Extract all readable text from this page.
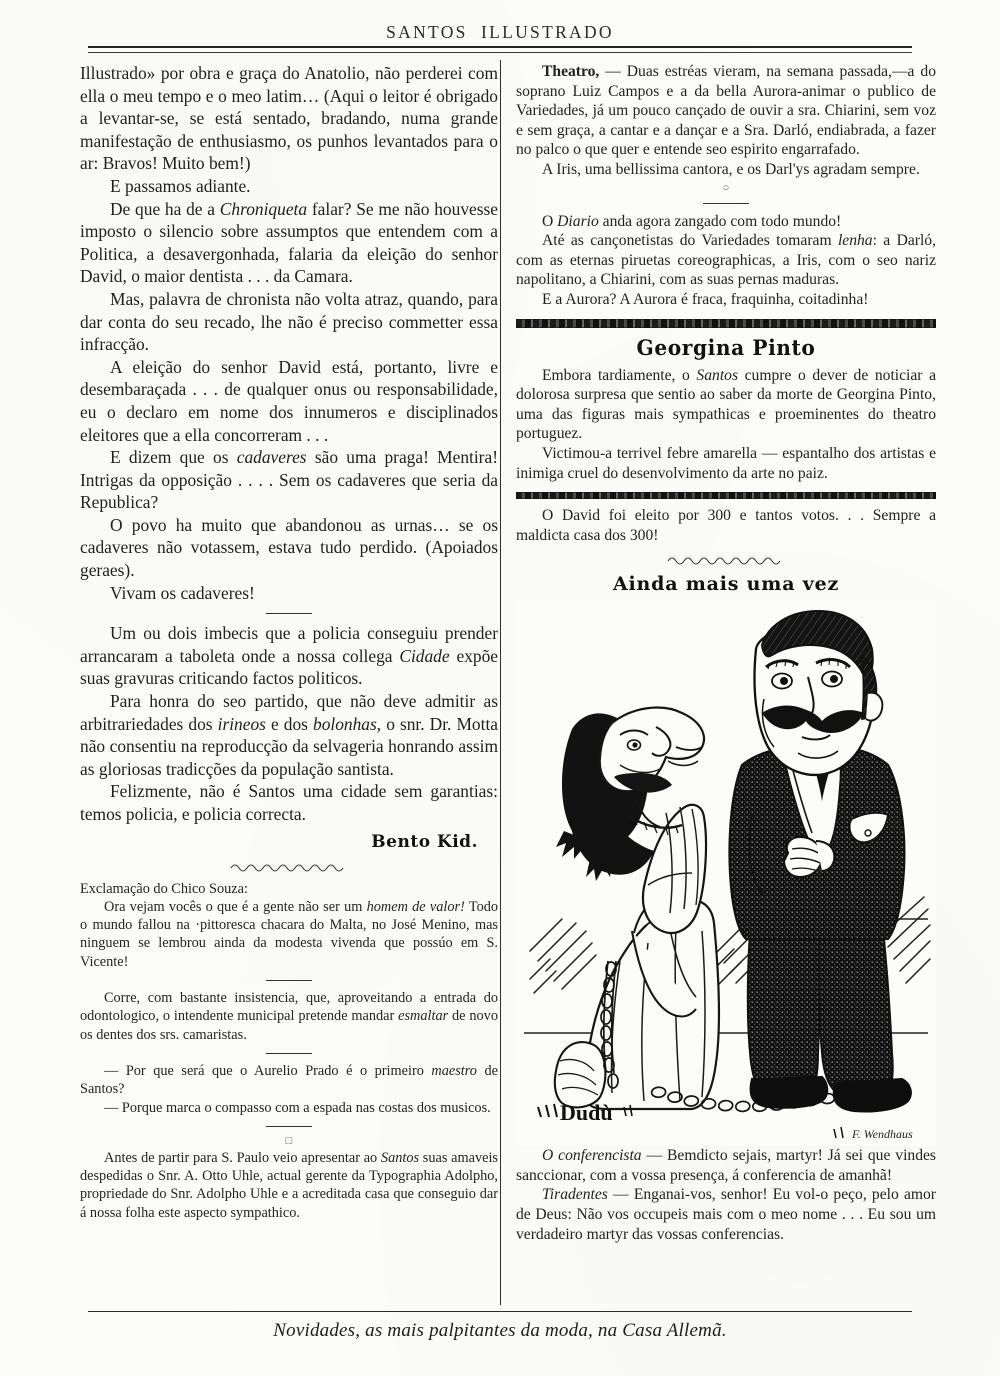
SANTOS  ILLUSTRADO

Illustrado» por obra e graça do Anatolio, não perderei com ella o meu tempo e o meo latim… (Aqui o leitor é obrigado a levantar-se, se está sentado, bradando, numa grande manifestação de enthusiasmo, os punhos levantados para o ar: Bravos! Muito bem!)

E passamos adiante.

De que ha de a Chroniqueta falar? Se me não houvesse imposto o silencio sobre assumptos que entendem com a Politica, a desavergonhada, falaria da eleição do senhor David, o maior dentista . . . da Camara.

Mas, palavra de chronista não volta atraz, quando, para dar conta do seu recado, lhe não é preciso commetter essa infracção.

A eleição do senhor David está, portanto, livre e desembaraçada . . . de qualquer onus ou responsabilidade, eu o declaro em nome dos innumeros e disciplinados eleitores que a ella concorreram . . .

E dizem que os cadaveres são uma praga! Mentira! Intrigas da opposição . . . . Sem os cadaveres que seria da Republica?

O povo ha muito que abandonou as urnas… se os cadaveres não votassem, estava tudo perdido. (Apoiados geraes).

Vivam os cadaveres!

Um ou dois imbecis que a policia conseguiu prender arrancaram a taboleta onde a nossa collega Cidade expõe suas gravuras criticando factos politicos.

Para honra do seo partido, que não deve admitir as arbitrariedades dos irineos e dos bolonhas, o snr. Dr. Motta não consentiu na reproducção da selvageria honrando assim as gloriosas tradicções da população santista.

Felizmente, não é Santos uma cidade sem garantias: temos policia, e policia correcta.

Bento Kid.

Exclamação do Chico Souza:

Ora vejam vocês o que é a gente não ser um homem de valor! Todo o mundo fallou na ·pittoresca chacara do Malta, no José Menino, mas ninguem se lembrou ainda da modesta vivenda que possúo em S. Vicente!

Corre, com bastante insistencia, que, aproveitando a entrada do odontologico, o intendente municipal pretende mandar esmaltar de novo os dentes dos srs. camaristas.

— Por que será que o Aurelio Prado é o primeiro maestro de Santos?

— Porque marca o compasso com a espada nas costas dos musicos.

□

Antes de partir para S. Paulo veio apresentar ao Santos suas amaveis despedidas o Snr. A. Otto Uhle, actual gerente da Typographia Adolpho, propriedade do Snr. Adolpho Uhle e a acreditada casa que conseguio dar á nossa folha este aspecto sympathico.

Theatro, — Duas estréas vieram, na semana passada,—a do soprano Luiz Campos e a da bella Aurora-animar o publico de Variedades, já um pouco cançado de ouvir a sra. Chiarini, sem voz e sem graça, a cantar e a dançar e a Sra. Darló, endiabrada, a fazer no palco o que quer e entende seo espirito engarrafado.

A Iris, uma bellissima cantora, e os Darl'ys agradam sempre.

○

O Diario anda agora zangado com todo mundo!

Até as cançonetistas do Variedades tomaram lenha: a Darló, com as eternas piruetas coreographicas, a Iris, com o seo nariz napolitano, a Chiarini, com as suas pernas maduras.

E a Aurora? A Aurora é fraca, fraquinha, coitadinha!

Georgina Pinto

Embora tardiamente, o Santos cumpre o dever de noticiar a dolorosa surpresa que sentio ao saber da morte de Georgina Pinto, uma das figuras mais sympathicas e proeminentes do theatro portuguez.

Victimou-a terrivel febre amarella — espantalho dos artistas e inimiga cruel do desenvolvimento da arte no paiz.

O David foi eleito por 300 e tantos votos. . . Sempre a maldicta casa dos 300!

Ainda mais uma vez
Dudù
F. Wendhaus

O conferencista — Bemdicto sejais, martyr! Já sei que vindes sanccionar, com a vossa presença, á conferencia de amanhã!

Tiradentes — Enganai-vos, senhor! Eu vol-o peço, pelo amor de Deus: Não vos occupeis mais com o meo nome . . . Eu sou um verdadeiro martyr das vossas conferencias.

Novidades, as mais palpitantes da moda, na Casa Allemã.
